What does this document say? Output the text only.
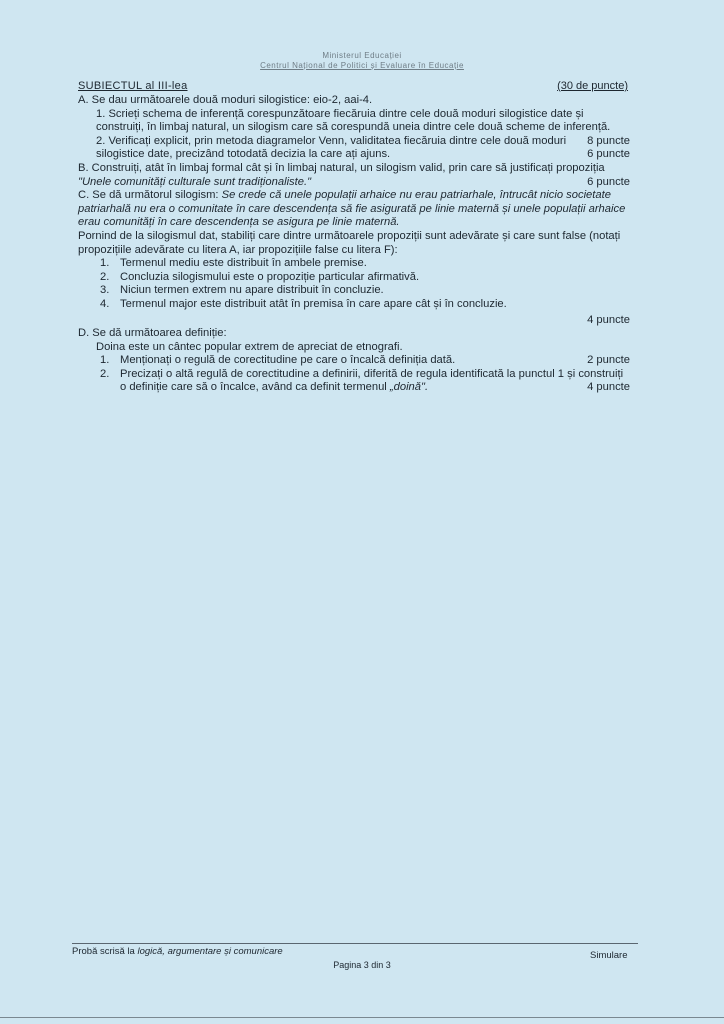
Ministerul Educației
Centrul Național de Politici și Evaluare în Educație
SUBIECTUL al III-lea	(30 de puncte)

A. Se dau următoarele două moduri silogistice: eio-2, aai-4.

1. Scrieți schema de inferență corespunzătoare fiecăruia dintre cele două moduri silogistice date și construiți, în limbaj natural, un silogism care să corespundă uneia dintre cele două scheme de inferență.
8 puncte

2. Verificați explicit, prin metoda diagramelor Venn, validitatea fiecăruia dintre cele două moduri silogistice date, precizând totodată decizia la care ați ajuns.	6 puncte

B. Construiți, atât în limbaj formal cât și în limbaj natural, un silogism valid, prin care să justificați propoziția "Unele comunități culturale sunt tradiționaliste."	6 puncte

C. Se dă următorul silogism: Se crede că unele populații arhaice nu erau patriarhale, întrucât nicio societate patriarhală nu era o comunitate în care descendența să fie asigurată pe linie maternă și unele populații arhaice erau comunități în care descendența se asigura pe linie maternă.

Pornind de la silogismul dat, stabiliți care dintre următoarele propoziții sunt adevărate și care sunt false (notați propozițiile adevărate cu litera A, iar propozițiile false cu litera F):

1. Termenul mediu este distribuit în ambele premise.
2. Concluzia silogismului este o propoziție particular afirmativă.
3. Niciun termen extrem nu apare distribuit în concluzie.
4. Termenul major este distribuit atât în premisa în care apare cât și în concluzie.

4 puncte

D. Se dă următoarea definiție:

Doina este un cântec popular extrem de apreciat de etnografi.

1. Menționați o regulă de corectitudine pe care o încalcă definiția dată.	2 puncte
2. Precizați o altă regulă de corectitudine a definirii, diferită de regula identificată la punctul 1 și construiți o definiție care să o încalce, având ca definit termenul „doină".	4 puncte
Probă scrisă la logică, argumentare și comunicare	Simulare
Pagina 3 din 3
